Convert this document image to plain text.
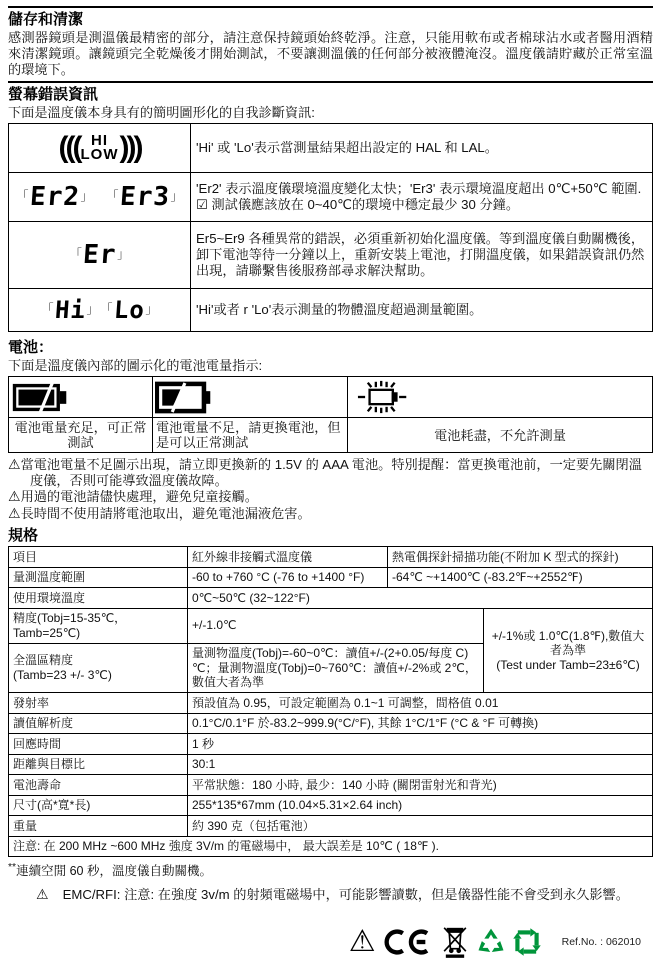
儲存和清潔

感測器鏡頭是測溫儀最精密的部分，請注意保持鏡頭始終乾淨。注意，只能用軟布或者棉球沾水或者醫用酒精來清潔鏡頭。讓鏡頭完全乾燥後才開始測試，不要讓測溫儀的任何部分被液體淹沒。溫度儀請貯藏於正常室溫的環境下。

螢幕錯誤資訊

下面是溫度儀本身具有的簡明圖形化的自我診斷資訊:

((( HI
LOW )))	'Hi' 或 'Lo'表示當測量結果超出設定的 HAL 和 LAL。

「 Er2 」 「 Er3 」	'Er2' 表示溫度儀環境溫度變化太快；'Er3' 表示環境溫度超出 0℃+50℃ 範圍.
☑ 測試儀應該放在 0~40℃的環境中穩定最少 30 分鐘。

「 Er 」	Er5~Er9 各種異常的錯誤，必須重新初始化溫度儀。等到溫度儀自動關機後，卸下電池等待一分鐘以上，重新安裝上電池，打開溫度儀，如果錯誤資訊仍然出現，請聯繫售後服務部尋求解決幫助。

「 Hi 」 「 Lo 」	'Hi'或者 r 'Lo'表示測量的物體溫度超過測量範圍。
電池：

下面是溫度儀內部的圖示化的電池電量指示:

電池電量充足，可正常測試	電池電量不足，請更換電池，但是可以正常測試	電池耗盡，不允許測量

⚠當電池電量不足圖示出現，請立即更換新的 1.5V 的 AAA 電池。特別提醒：當更換電池前，一定要先關閉溫度儀，否則可能導致溫度儀故障。

⚠用過的電池請儘快處理，避免兒童接觸。

⚠長時間不使用請將電池取出，避免電池漏液危害。

規格
項目	紅外線非接觸式溫度儀	熱電偶探針掃描功能(不附加 K 型式的探針)	
量測溫度範圍	-60 to +760 °C (-76 to +1400 °F)	-64℃ ~+1400℃ (-83.2℉~+2552℉)	
使用環境溫度	0℃~50℃ (32~122°F)		
精度(Tobj=15-35℃，Tamb=25℃)	+/-1.0℃		+/-1%或 1.0℃(1.8℉),數值大者為準
(Test under Tamb=23±6℃)

全溫區精度
(Tamb=23 +/- 3℃)	量測物溫度(Tobj)=-60~0℃：讀值+/-(2+0.05/每度 C)℃；量測物溫度(Tobj)=0~760℃：讀值+/-2%或 2℃，數值大者為準		
發射率	預設值為 0.95，可設定範圍為 0.1~1 可調整，間格值 0.01		
讀值解析度	0.1°C/0.1°F 於-83.2~999.9(°C/°F), 其餘 1°C/1°F (°C & °F 可轉換)		
回應時間	1 秒		
距離與目標比	30:1		
電池壽命	平常狀態：180 小時, 最少：140 小時 (關閉雷射光和背光)		
尺寸(高*寬*長)	255*135*67mm (10.04×5.31×2.64 inch)		
重量	約 390 克（包括電池）		
注意: 在 200 MHz ~600 MHz 強度 3V/m 的電磁場中， 最大誤差是 10℃ ( 18℉ ).			

**連續空閒 60 秒，溫度儀自動關機。

⚠ EMC/RFI: 注意: 在強度 3v/m 的射頻電磁場中，可能影響讀數，但是儀器性能不會受到永久影響。

⚠	Ref.No. : 062010
